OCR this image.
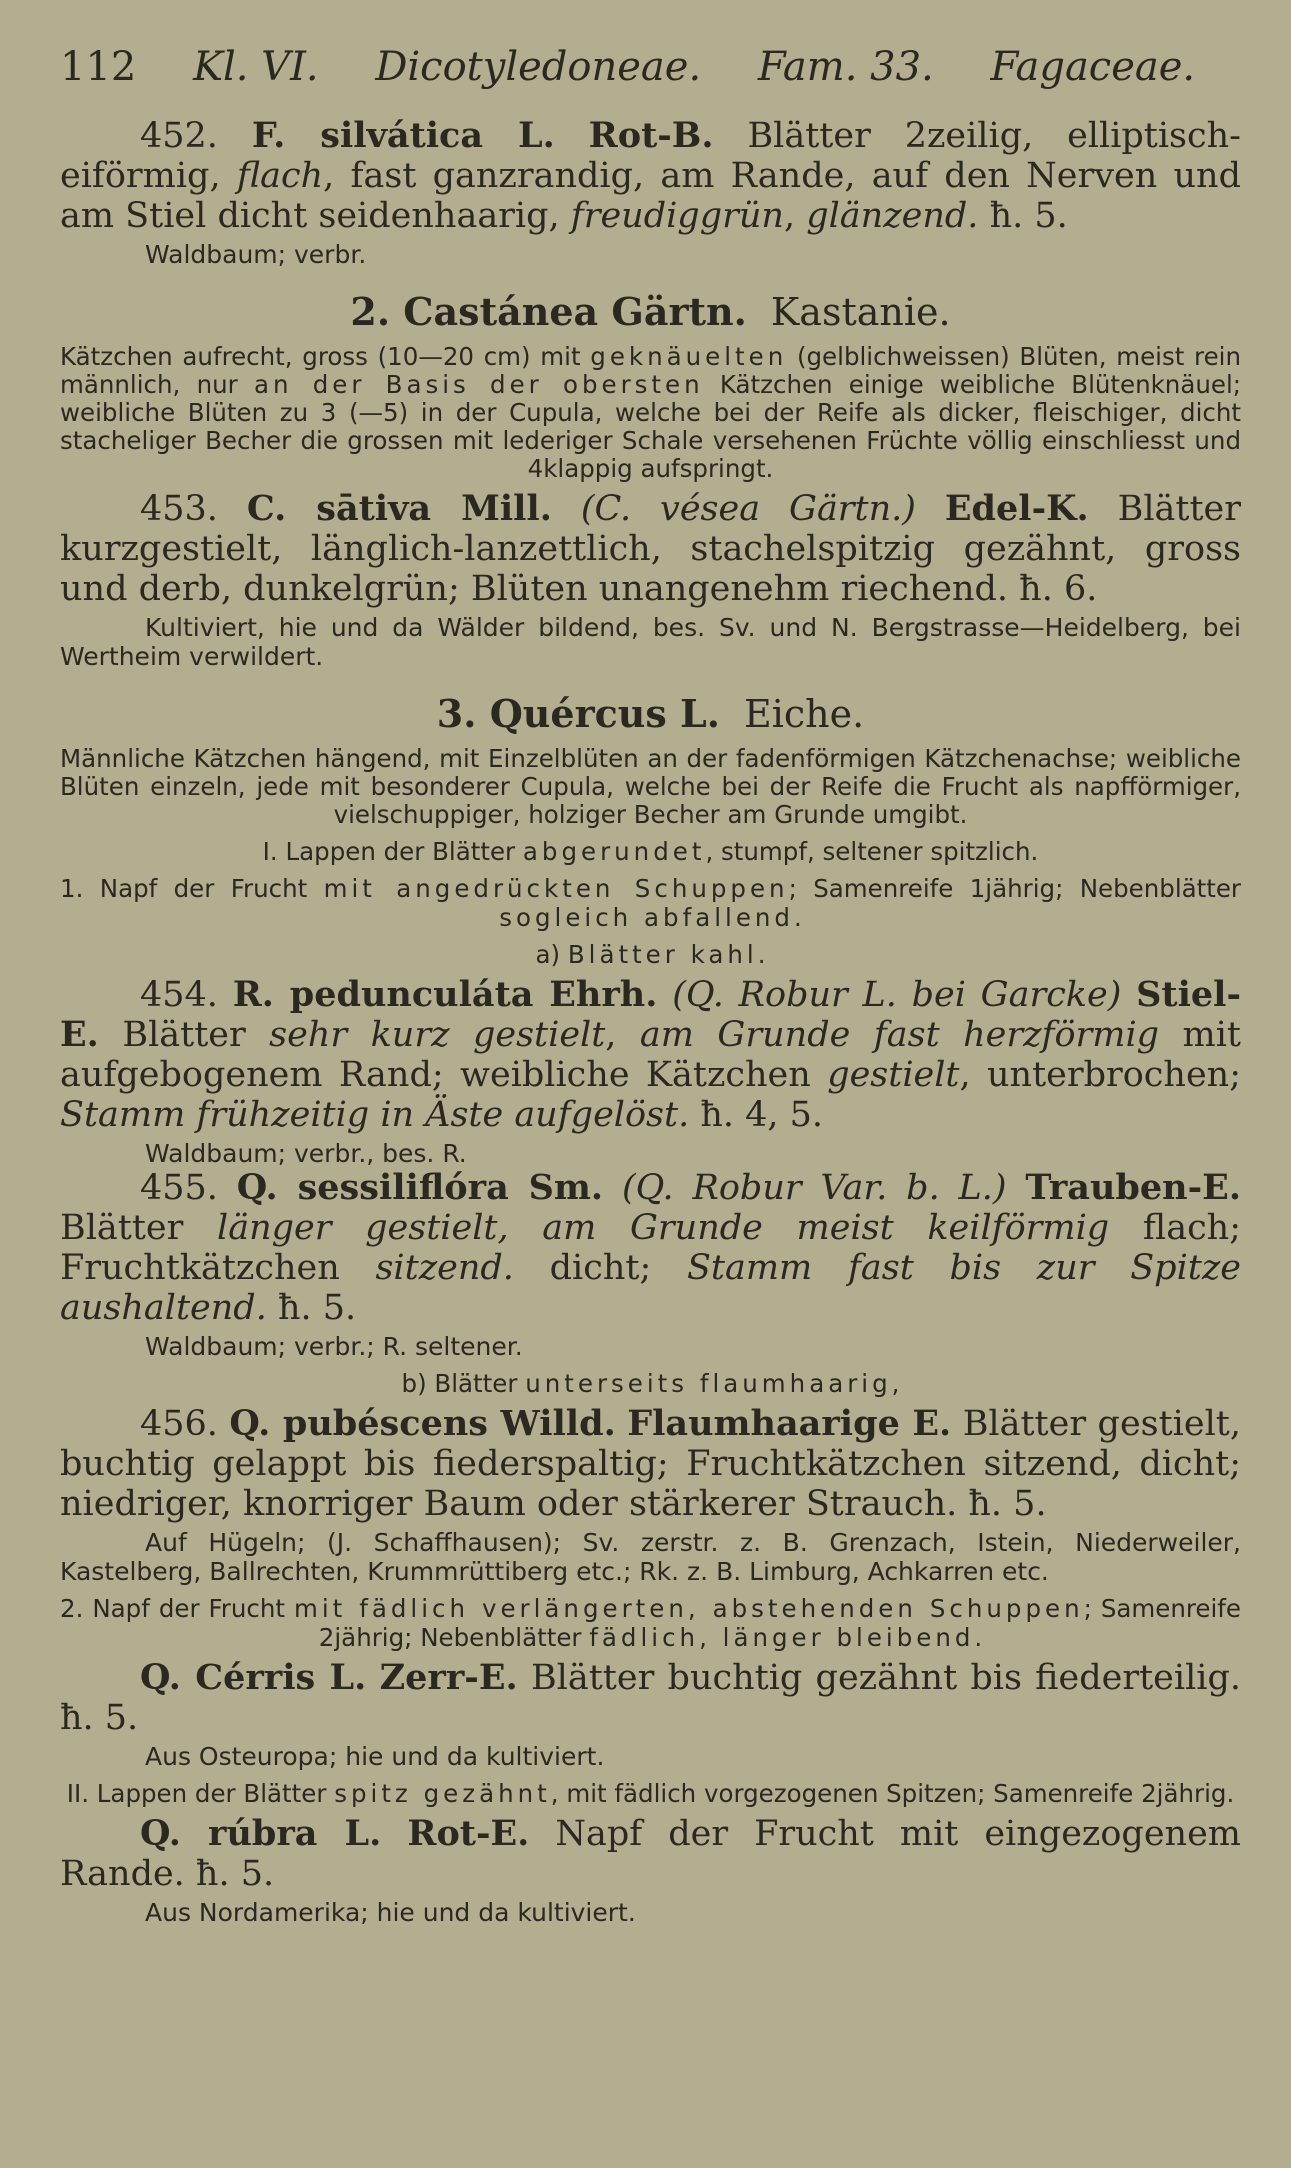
112 Kl. VI. Dicotyledoneae. Fam. 33. Fagaceae.

452. F. silvática L. Rot-B. Blätter 2zeilig, elliptisch-eiförmig, flach, fast ganzrandig, am Rande, auf den Nerven und am Stiel dicht seidenhaarig, freudiggrün, glänzend. ħ. 5.

Waldbaum; verbr.

2. Castánea Gärtn. Kastanie.

Kätzchen aufrecht, gross (10—20 cm) mit geknäuelten (gelblichweissen) Blüten, meist rein männlich, nur an der Basis der obersten Kätzchen einige weibliche Blütenknäuel; weibliche Blüten zu 3 (—5) in der Cupula, welche bei der Reife als dicker, fleischiger, dicht stacheliger Becher die grossen mit lederiger Schale versehenen Früchte völlig einschliesst und 4klappig aufspringt.

453. C. sātiva Mill. (C. vésea Gärtn.) Edel-K. Blätter kurzgestielt, länglich-lanzettlich, stachelspitzig gezähnt, gross und derb, dunkelgrün; Blüten unangenehm riechend. ħ. 6.

Kultiviert, hie und da Wälder bildend, bes. Sv. und N. Bergstrasse—Heidelberg, bei Wertheim verwildert.

3. Quércus L. Eiche.

Männliche Kätzchen hängend, mit Einzelblüten an der fadenförmigen Kätzchenachse; weibliche Blüten einzeln, jede mit besonderer Cupula, welche bei der Reife die Frucht als napfförmiger, vielschuppiger, holziger Becher am Grunde umgibt.

I. Lappen der Blätter abgerundet, stumpf, seltener spitzlich.

1. Napf der Frucht mit angedrückten Schuppen; Samenreife 1jährig; Nebenblätter sogleich abfallend.

a) Blätter kahl.

454. R. pedunculáta Ehrh. (Q. Robur L. bei Garcke) Stiel-E. Blätter sehr kurz gestielt, am Grunde fast herzförmig mit aufgebogenem Rand; weibliche Kätzchen gestielt, unterbrochen; Stamm frühzeitig in Äste aufgelöst. ħ. 4, 5.

Waldbaum; verbr., bes. R.

455. Q. sessiliflóra Sm. (Q. Robur Var. b. L.) Trauben-E. Blätter länger gestielt, am Grunde meist keilförmig flach; Fruchtkätzchen sitzend. dicht; Stamm fast bis zur Spitze aushaltend. ħ. 5.

Waldbaum; verbr.; R. seltener.

b) Blätter unterseits flaumhaarig,

456. Q. pubéscens Willd. Flaumhaarige E. Blätter gestielt, buchtig gelappt bis fiederspaltig; Fruchtkätzchen sitzend, dicht; niedriger, knorriger Baum oder stärkerer Strauch. ħ. 5.

Auf Hügeln; (J. Schaffhausen); Sv. zerstr. z. B. Grenzach, Istein, Niederweiler, Kastelberg, Ballrechten, Krummrüttiberg etc.; Rk. z. B. Limburg, Achkarren etc.

2. Napf der Frucht mit fädlich verlängerten, abstehenden Schuppen; Samenreife 2jährig; Nebenblätter fädlich, länger bleibend.

Q. Cérris L. Zerr-E. Blätter buchtig gezähnt bis fiederteilig. ħ. 5.

Aus Osteuropa; hie und da kultiviert.

II. Lappen der Blätter spitz gezähnt, mit fädlich vorgezogenen Spitzen; Samenreife 2jährig.

Q. rúbra L. Rot-E. Napf der Frucht mit eingezogenem Rande. ħ. 5.

Aus Nordamerika; hie und da kultiviert.
